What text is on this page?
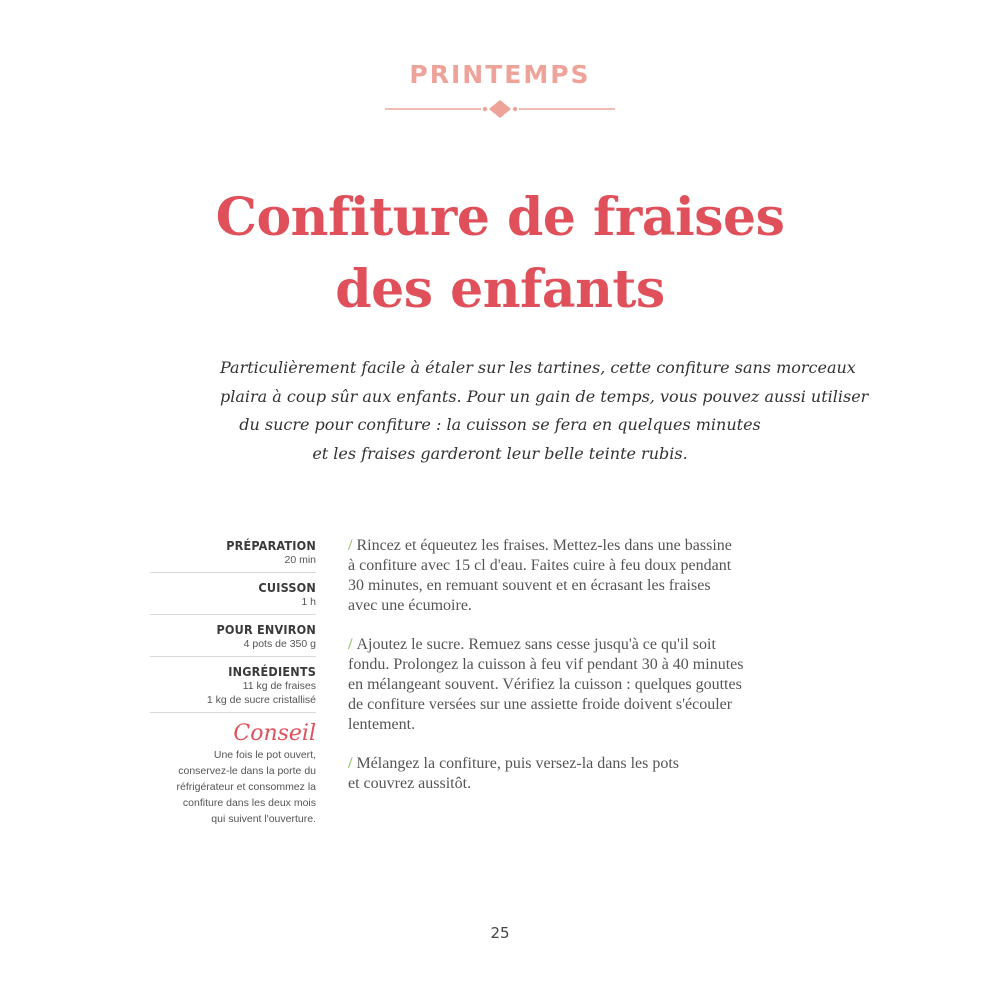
PRINTEMPS
Confiture de fraises
des enfants
Particulièrement facile à étaler sur les tartines, cette confiture sans morceaux
plaira à coup sûr aux enfants. Pour un gain de temps, vous pouvez aussi utiliser
du sucre pour confiture : la cuisson se fera en quelques minutes
et les fraises garderont leur belle teinte rubis.
PRÉPARATION
20 min
CUISSON
1 h
POUR ENVIRON
4 pots de 350 g
INGRÉDIENTS
11 kg de fraises
1 kg de sucre cristallisé
Conseil
Une fois le pot ouvert,
conservez-le dans la porte du
réfrigérateur et consommez la
confiture dans les deux mois
qui suivent l'ouverture.
/ Rincez et équeutez les fraises. Mettez-les dans une bassine
à confiture avec 15 cl d'eau. Faites cuire à feu doux pendant
30 minutes, en remuant souvent et en écrasant les fraises
avec une écumoire.
/ Ajoutez le sucre. Remuez sans cesse jusqu'à ce qu'il soit
fondu. Prolongez la cuisson à feu vif pendant 30 à 40 minutes
en mélangeant souvent. Vérifiez la cuisson : quelques gouttes
de confiture versées sur une assiette froide doivent s'écouler
lentement.
/ Mélangez la confiture, puis versez-la dans les pots
et couvrez aussitôt.
25
